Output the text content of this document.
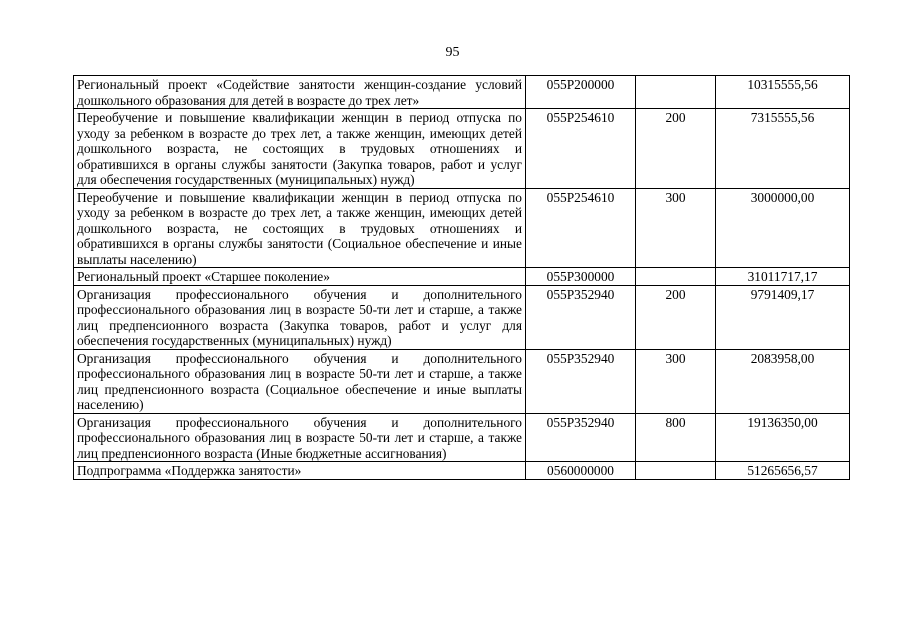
95
Региональный проект «Содействие занятости женщин-создание условий дошкольного образования для детей в возрасте до трех лет»	055P200000		10315555,56
Переобучение и повышение квалификации женщин в период отпуска по уходу за ребенком в возрасте до трех лет, а также женщин, имеющих детей дошкольного возраста, не состоящих в трудовых отношениях и обратившихся в органы службы занятости (Закупка товаров, работ и услуг для обеспечения государственных (муниципальных) нужд)	055P254610	200	7315555,56
Переобучение и повышение квалификации женщин в период отпуска по уходу за ребенком в возрасте до трех лет, а также женщин, имеющих детей дошкольного возраста, не состоящих в трудовых отношениях и обратившихся в органы службы занятости (Социальное обеспечение и иные выплаты населению)	055P254610	300	3000000,00
Региональный проект «Старшее поколение»	055P300000		31011717,17
Организация профессионального обучения и дополнительного профессионального образования лиц в возрасте 50-ти лет и старше, а также лиц предпенсионного возраста (Закупка товаров, работ и услуг для обеспечения государственных (муниципальных) нужд)	055P352940	200	9791409,17
Организация профессионального обучения и дополнительного профессионального образования лиц в возрасте 50-ти лет и старше, а также лиц предпенсионного возраста (Социальное обеспечение и иные выплаты населению)	055P352940	300	2083958,00
Организация профессионального обучения и дополнительного профессионального образования лиц в возрасте 50-ти лет и старше, а также лиц предпенсионного возраста (Иные бюджетные ассигнования)	055P352940	800	19136350,00
Подпрограмма «Поддержка занятости»	0560000000		51265656,57
